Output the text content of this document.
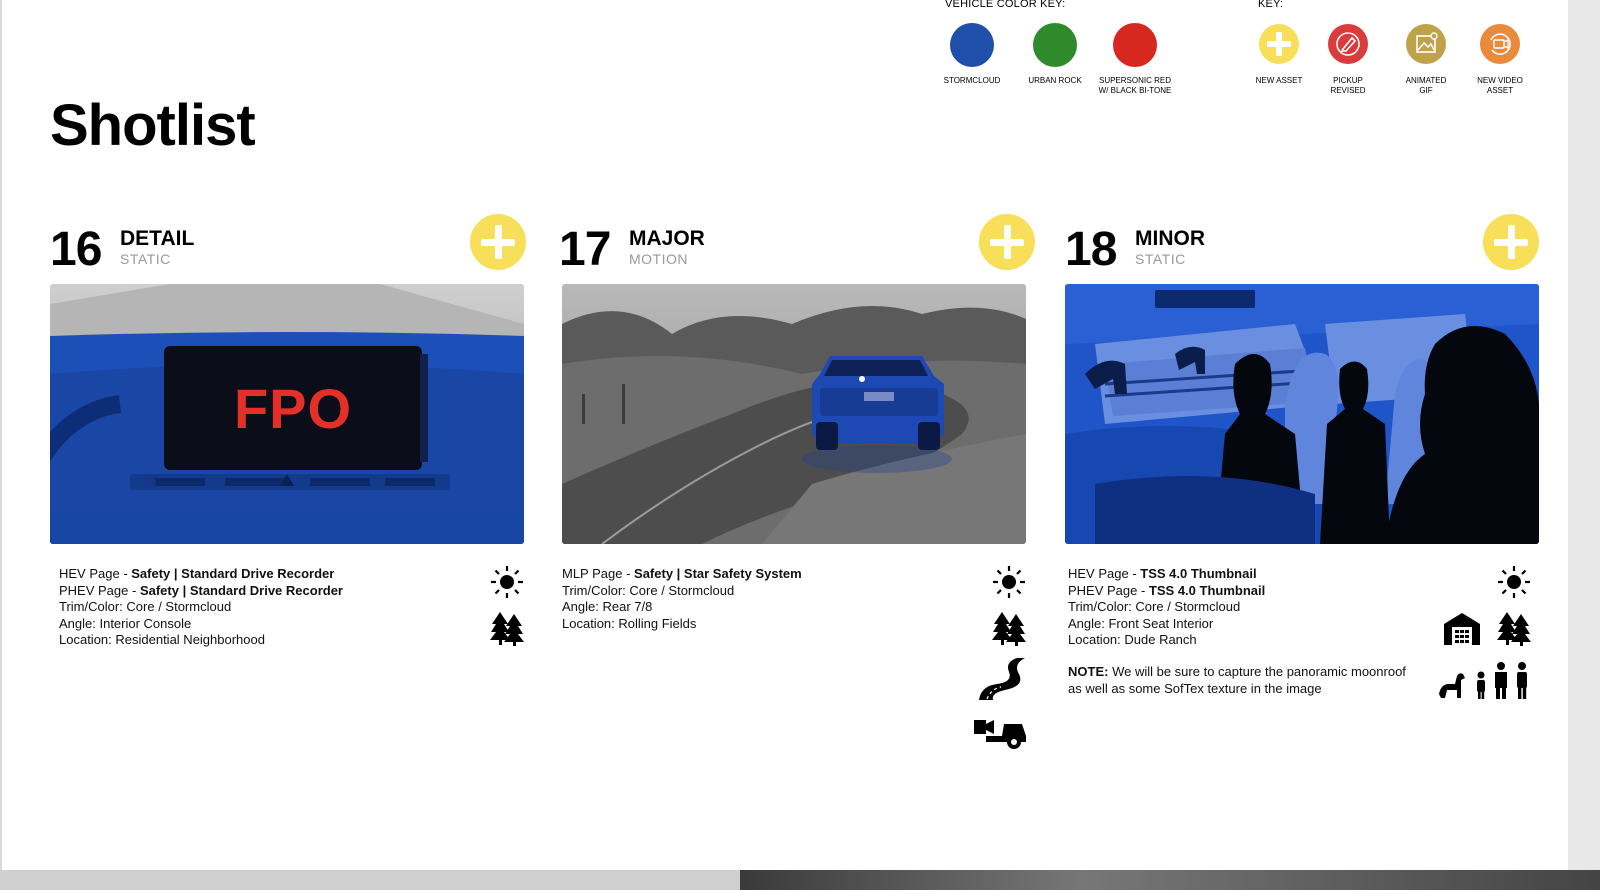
Shotlist
VEHICLE COLOR KEY:
STORMCLOUD	URBAN ROCK	SUPERSONIC RED
W/ BLACK BI-TONE
KEY:
NEW ASSET	PICKUP
REVISED
ANIMATED
GIF
NEW VIDEO
ASSET
16 DETAIL
STATIC
FPO
HEV Page - Safety | Standard Drive Recorder
PHEV Page - Safety | Standard Drive Recorder
Trim/Color: Core / Stormcloud
Angle: Interior Console
Location: Residential Neighborhood
17 MAJOR
MOTION
MLP Page - Safety | Star Safety System
Trim/Color: Core / Stormcloud
Angle: Rear 7/8
Location: Rolling Fields
18 MINOR
STATIC
HEV Page - TSS 4.0 Thumbnail
PHEV Page - TSS 4.0 Thumbnail
Trim/Color: Core / Stormcloud
Angle: Front Seat Interior
Location: Dude Ranch
NOTE: We will be sure to capture the panoramic moonroof as well as some SofTex texture in the image
